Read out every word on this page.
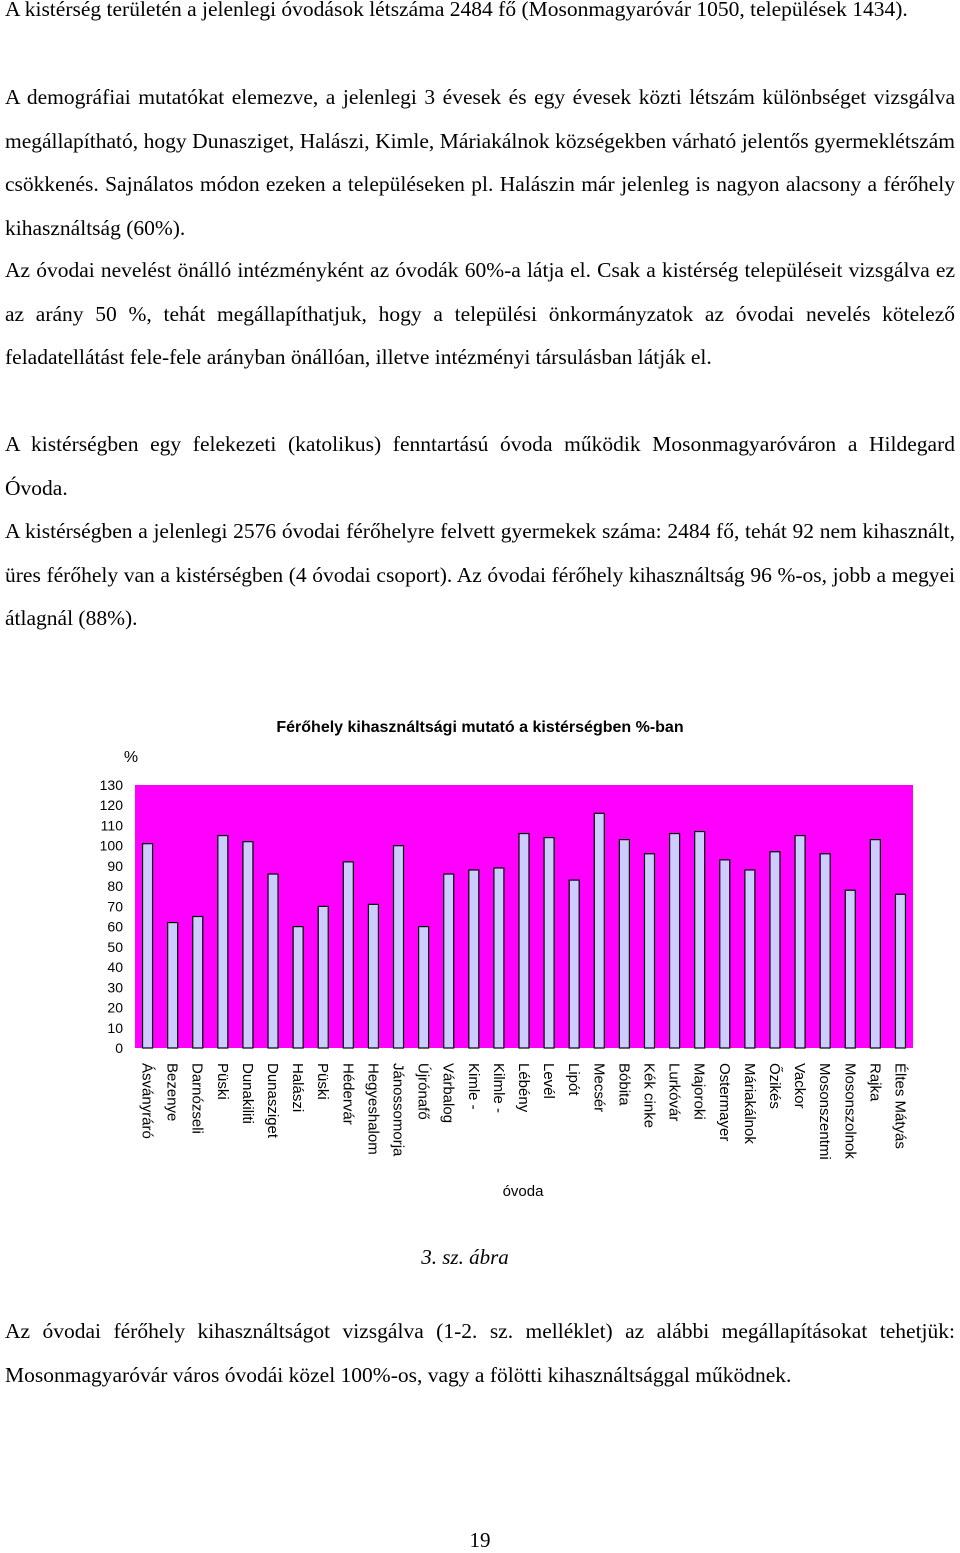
A kistérség területén a jelenlegi óvodások létszáma 2484 fő (Mosonmagyaróvár 1050, települések 1434).

A demográfiai mutatókat elemezve, a jelenlegi 3 évesek és egy évesek közti létszám különbséget vizsgálva megállapítható, hogy Dunasziget, Halászi, Kimle, Máriakálnok községekben várható jelentős gyermeklétszám csökkenés. Sajnálatos módon ezeken a településeken pl. Halászin már jelenleg is nagyon alacsony a férőhely kihasználtság (60%).

Az óvodai nevelést önálló intézményként az óvodák 60%-a látja el. Csak a kistérség településeit vizsgálva ez az arány 50 %, tehát megállapíthatjuk, hogy a települési önkormányzatok az óvodai nevelés kötelező feladatellátást fele-fele arányban önállóan, illetve intézményi társulásban látják el.

A kistérségben egy felekezeti (katolikus) fenntartású óvoda működik Mosonmagyaróváron a Hildegard Óvoda.

A kistérségben a jelenlegi 2576 óvodai férőhelyre felvett gyermekek száma: 2484 fő, tehát 92 nem kihasznált, üres férőhely van a kistérségben (4 óvodai csoport). Az óvodai férőhely kihasználtság 96 %-os, jobb a megyei átlagnál (88%).

Férőhely kihasználtsági mutató a kistérségben %-ban
%
0
10
20
30
40
50
60
70
80
90
100
110
120
130
Ásványráró Bezenye Darnózseli Püski Dunakiliti Dunasziget Halászi Püski Hédervár Hegyeshalom Jánossomorja Újrónafő Várbalog Kimle - Kilmle - Lébény Levél Lipót Mecsér Bóbita Kék cinke Lurkóvár Majoroki Ostermayer Máriakálnok Őzikés Vackor Mosonszentmi Mosonszolnok Rajka Éltes Mátyás
óvoda

3. sz. ábra

Az óvodai férőhely kihasználtságot vizsgálva (1-2. sz. melléklet) az alábbi megállapításokat tehetjük: Mosonmagyaróvár város óvodái közel 100%-os, vagy a fölötti kihasználtsággal működnek.

19
